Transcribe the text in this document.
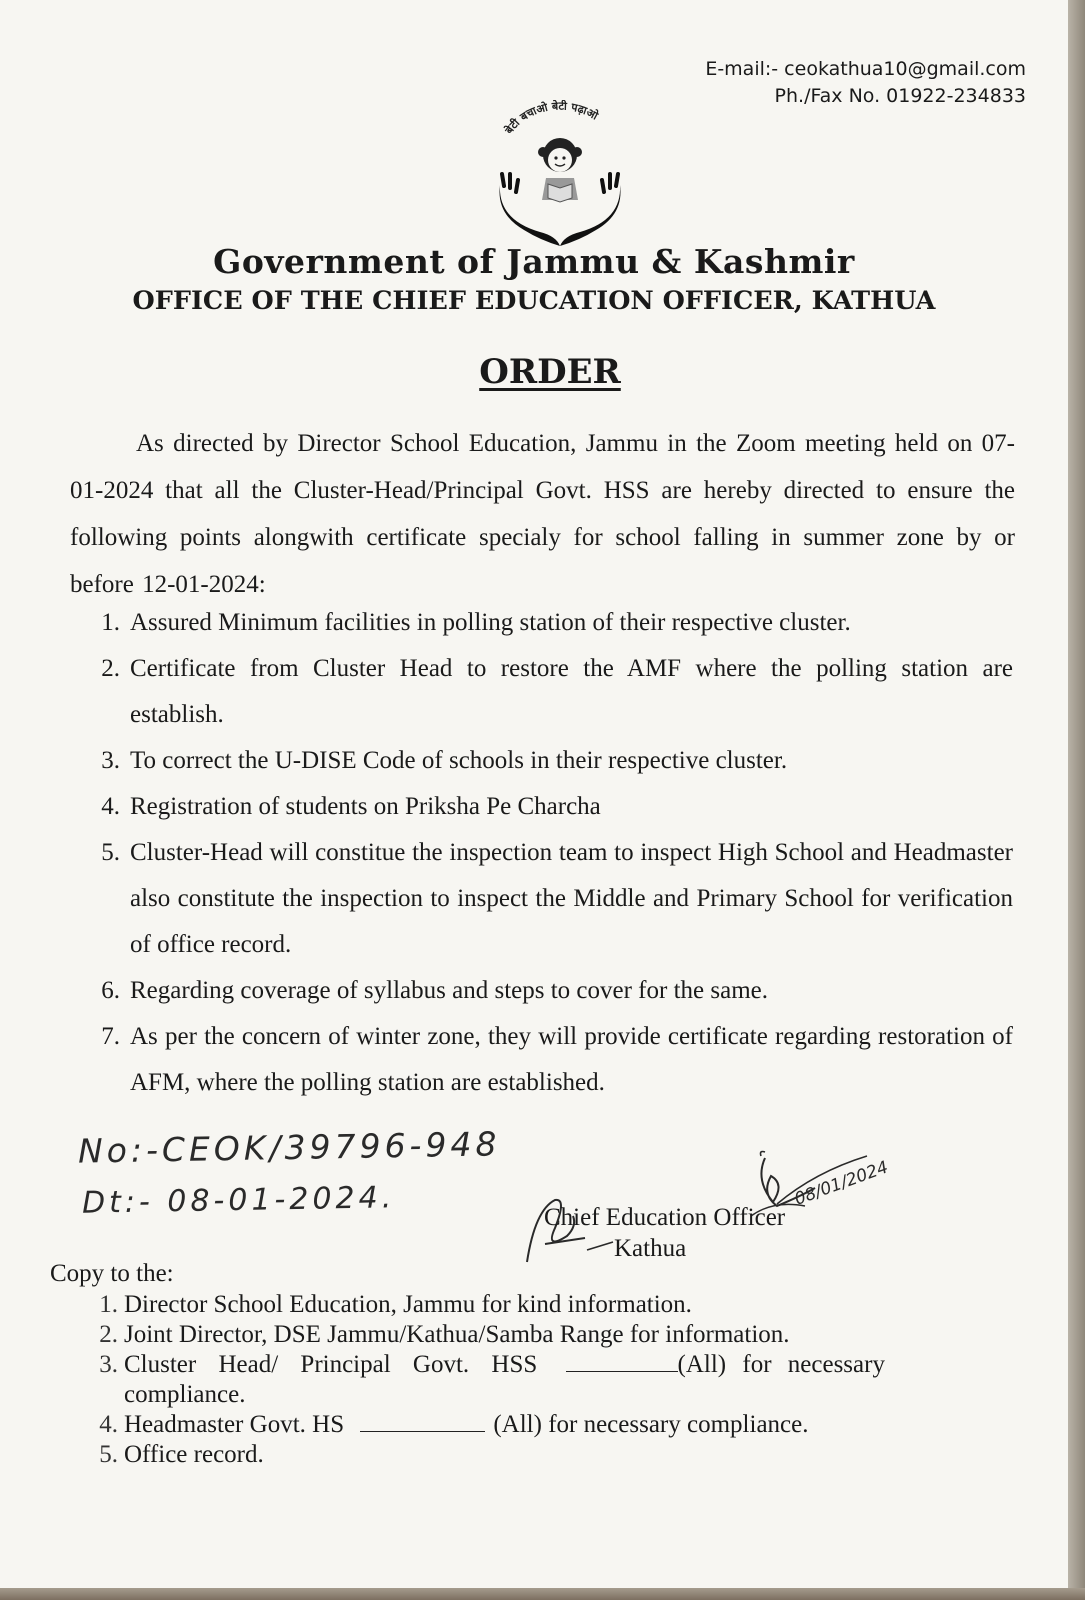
E-mail:- ceokathua10@gmail.com
Ph./Fax No. 01922-234833
बेटी बचाओ बेटी पढ़ाओ
Government of Jammu & Kashmir
OFFICE OF THE CHIEF EDUCATION OFFICER, KATHUA
ORDER
As directed by Director School Education, Jammu in the Zoom meeting held on 07-01-2024 that all the Cluster-Head/Principal Govt. HSS are hereby directed to ensure the following points alongwith certificate specialy for school falling in summer zone by or before 12-01-2024:
1. Assured Minimum facilities in polling station of their respective cluster.
2. Certificate from Cluster Head to restore the AMF where the polling station are establish.
3. To correct the U-DISE Code of schools in their respective cluster.
4. Registration of students on Priksha Pe Charcha
5. Cluster-Head will constitue the inspection team to inspect High School and Headmaster also constitute the inspection to inspect the Middle and Primary School for verification of office record.
6. Regarding coverage of syllabus and steps to cover for the same.
7. As per the concern of winter zone, they will provide certificate regarding restoration of AFM, where the polling station are established.
No:-CEOK/39796-948
Dt:- 08-01-2024.	08/01/2024
Chief Education Officer
Kathua
Copy to the:
1. Director School Education, Jammu for kind information.
2. Joint Director, DSE Jammu/Kathua/Samba Range for information.
3. Cluster Head/ Principal Govt. HSS	(All) for necessary compliance.
4. Headmaster Govt. HS	(All) for necessary compliance.
5. Office record.
